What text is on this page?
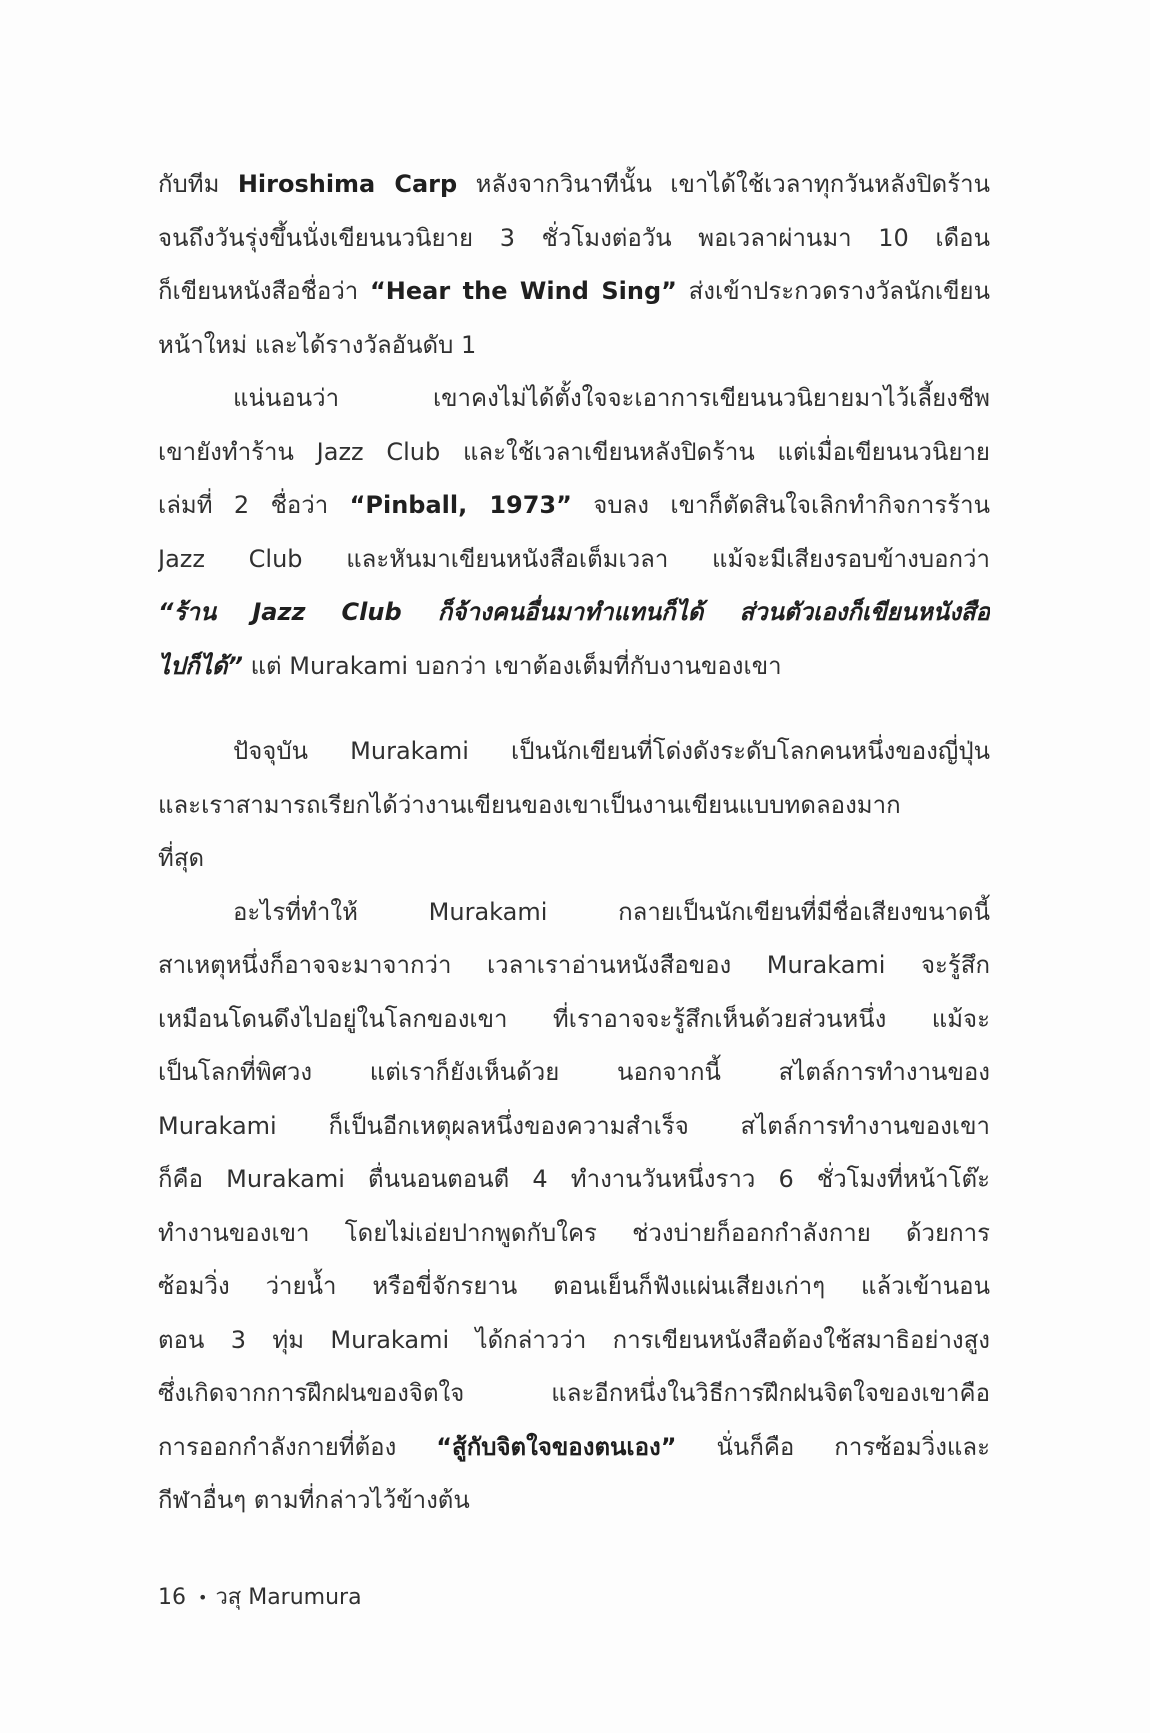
กับทีม Hiroshima Carp หลังจากวินาทีนั้น เขาได้ใช้เวลาทุกวันหลังปิดร้าน
จนถึงวันรุ่งขึ้นนั่งเขียนนวนิยาย 3 ชั่วโมงต่อวัน พอเวลาผ่านมา 10 เดือน
ก็เขียนหนังสือชื่อว่า “Hear the Wind Sing” ส่งเข้าประกวดรางวัลนักเขียน
หน้าใหม่ และได้รางวัลอันดับ 1
แน่นอนว่า เขาคงไม่ได้ตั้งใจจะเอาการเขียนนวนิยายมาไว้เลี้ยงชีพ
เขายังทำร้าน Jazz Club และใช้เวลาเขียนหลังปิดร้าน แต่เมื่อเขียนนวนิยาย
เล่มที่ 2 ชื่อว่า “Pinball, 1973” จบลง เขาก็ตัดสินใจเลิกทำกิจการร้าน
Jazz Club และหันมาเขียนหนังสือเต็มเวลา แม้จะมีเสียงรอบข้างบอกว่า
“ร้าน Jazz Club ก็จ้างคนอื่นมาทำแทนก็ได้ ส่วนตัวเองก็เขียนหนังสือ
ไปก็ได้” แต่ Murakami บอกว่า เขาต้องเต็มที่กับงานของเขา
ปัจจุบัน Murakami เป็นนักเขียนที่โด่งดังระดับโลกคนหนึ่งของญี่ปุ่น
และเราสามารถเรียกได้ว่างานเขียนของเขาเป็นงานเขียนแบบทดลองมาก
ที่สุด
อะไรที่ทำให้ Murakami กลายเป็นนักเขียนที่มีชื่อเสียงขนาดนี้
สาเหตุหนึ่งก็อาจจะมาจากว่า เวลาเราอ่านหนังสือของ Murakami จะรู้สึก
เหมือนโดนดึงไปอยู่ในโลกของเขา ที่เราอาจจะรู้สึกเห็นด้วยส่วนหนึ่ง แม้จะ
เป็นโลกที่พิศวง แต่เราก็ยังเห็นด้วย นอกจากนี้ สไตล์การทำงานของ
Murakami ก็เป็นอีกเหตุผลหนึ่งของความสำเร็จ สไตล์การทำงานของเขา
ก็คือ Murakami ตื่นนอนตอนตี 4 ทำงานวันหนึ่งราว 6 ชั่วโมงที่หน้าโต๊ะ
ทำงานของเขา โดยไม่เอ่ยปากพูดกับใคร ช่วงบ่ายก็ออกกำลังกาย ด้วยการ
ซ้อมวิ่ง ว่ายน้ำ หรือขี่จักรยาน ตอนเย็นก็ฟังแผ่นเสียงเก่าๆ แล้วเข้านอน
ตอน 3 ทุ่ม Murakami ได้กล่าวว่า การเขียนหนังสือต้องใช้สมาธิอย่างสูง
ซึ่งเกิดจากการฝึกฝนของจิตใจ และอีกหนึ่งในวิธีการฝึกฝนจิตใจของเขาคือ
การออกกำลังกายที่ต้อง “สู้กับจิตใจของตนเอง” นั่นก็คือ การซ้อมวิ่งและ
กีฬาอื่นๆ ตามที่กล่าวไว้ข้างต้น
16 • วสุ Marumura
